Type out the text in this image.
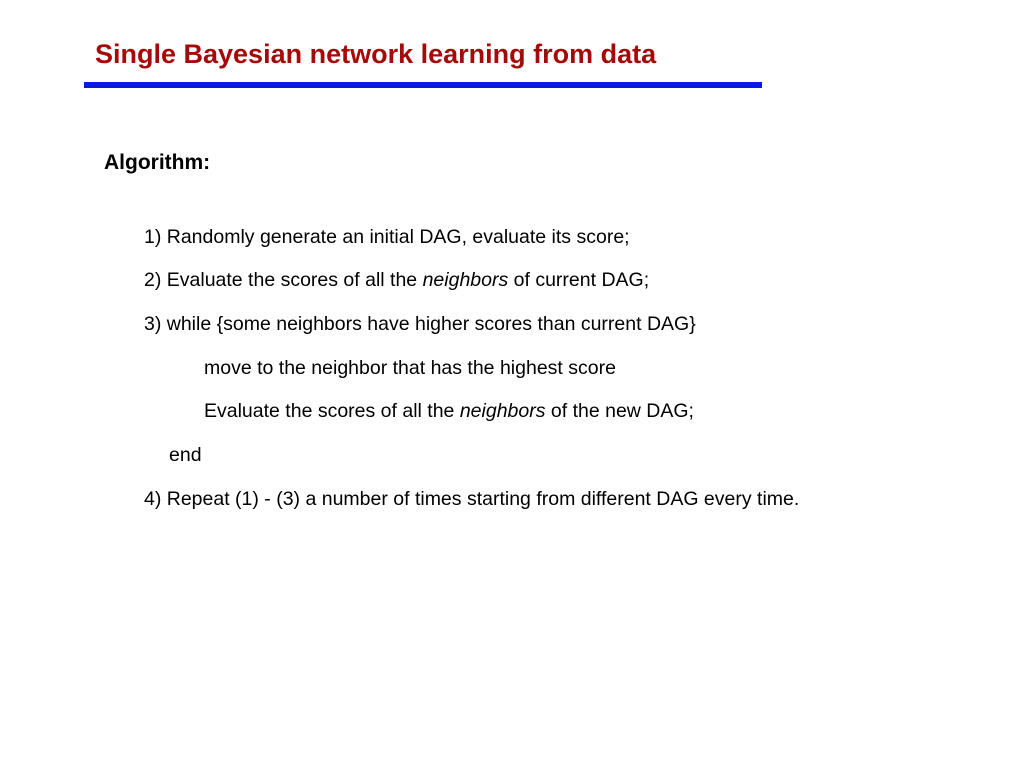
Single Bayesian network learning from data
Algorithm:
1) Randomly generate an initial DAG, evaluate its score;
2) Evaluate the scores of all the neighbors of current DAG;
3) while {some neighbors have higher scores than current DAG}
move to the neighbor that has the highest score
Evaluate the scores of all the neighbors of the new DAG;
end
4) Repeat (1) - (3) a number of times starting from different DAG every time.
